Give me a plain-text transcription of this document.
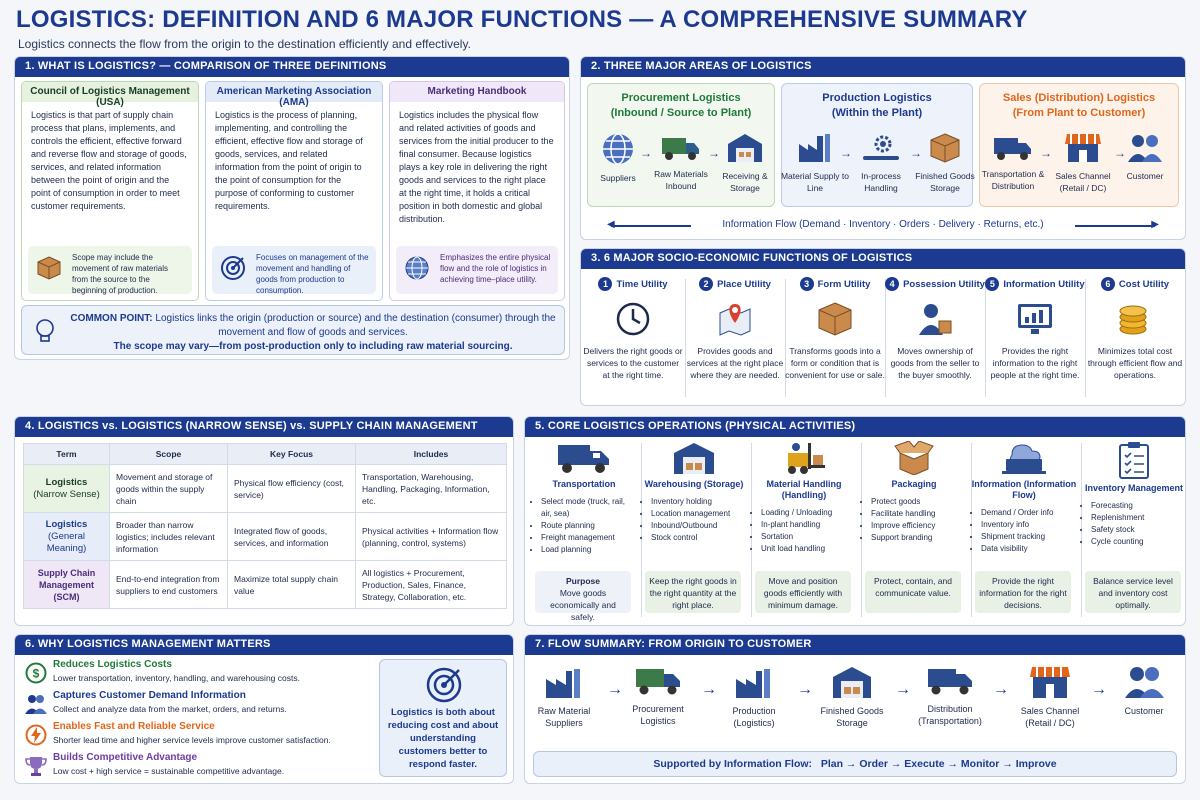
LOGISTICS: DEFINITION AND 6 MAJOR FUNCTIONS — A COMPREHENSIVE SUMMARY
Logistics connects the flow from the origin to the destination efficiently and effectively.
1. WHAT IS LOGISTICS? — COMPARISON OF THREE DEFINITIONS
Council of Logistics Management (USA)
Logistics is that part of supply chain process that plans, implements, and controls the efficient, effective forward and reverse flow and storage of goods, services, and related information between the point of origin and the point of consumption in order to meet customer requirements.
Scope may include the movement of raw materials from the source to the beginning of production.
American Marketing Association (AMA)
Logistics is the process of planning, implementing, and controlling the efficient, effective flow and storage of goods, services, and related information from the point of origin to the point of consumption for the purpose of conforming to customer requirements.
Focuses on management of the movement and handling of goods from production to consumption.
Marketing Handbook
Logistics includes the physical flow and related activities of goods and services from the initial producer to the final consumer. Because logistics plays a key role in delivering the right goods and services to the right place at the right time, it holds a critical position in both domestic and global distribution.
Emphasizes the entire physical flow and the role of logistics in achieving time–place utility.
COMMON POINT: Logistics links the origin (production or source) and the destination (consumer) through the movement and flow of goods and services.
The scope may vary—from post-production only to including raw material sourcing.
2. THREE MAJOR AREAS OF LOGISTICS
Procurement Logistics
(Inbound / Source to Plant)
Suppliers
→
Raw Materials Inbound
→
Receiving & Storage
Production Logistics
(Within the Plant)
Material Supply to Line
→
In-process Handling
→
Finished Goods Storage
Sales (Distribution) Logistics
(From Plant to Customer)
Transportation & Distribution
→
Sales Channel (Retail / DC)
→
Customer
◀	▶
Information Flow (Demand · Inventory · Orders · Delivery · Returns, etc.)
3. 6 MAJOR SOCIO-ECONOMIC FUNCTIONS OF LOGISTICS
1 Time Utility
Delivers the right goods or services to the customer at the right time.
2 Place Utility
Provides goods and services at the right place where they are needed.
3 Form Utility
Transforms goods into a form or condition that is convenient for use or sale.
4 Possession Utility
Moves ownership of goods from the seller to the buyer smoothly.
5 Information Utility
Provides the right information to the right people at the right time.
6 Cost Utility
Minimizes total cost through efficient flow and operations.
4. LOGISTICS vs. LOGISTICS (NARROW SENSE) vs. SUPPLY CHAIN MANAGEMENT
Term	Scope	Key Focus	Includes
Logistics
(Narrow Sense)	Movement and storage of goods within the supply chain	Physical flow efficiency (cost, service)	Transportation, Warehousing, Handling, Packaging, Information, etc.
Logistics
(General Meaning)	Broader than narrow logistics; includes relevant information	Integrated flow of goods, services, and information	Physical activities + Information flow (planning, control, systems)
Supply Chain
Management (SCM)	End-to-end integration from suppliers to end customers	Maximize total supply chain value	All logistics + Procurement, Production, Sales, Finance, Strategy, Collaboration, etc.
5. CORE LOGISTICS OPERATIONS (PHYSICAL ACTIVITIES)
Transportation
• Select mode (truck, rail, air, sea)
• Route planning
• Freight management
• Load planning
Purpose
Move goods economically and safely.
Warehousing (Storage)
• Inventory holding
• Location management
• Inbound/Outbound
• Stock control
Keep the right goods in the right quantity at the right place.
Material Handling (Handling)
• Loading / Unloading
• In-plant handling
• Sortation
• Unit load handling
Move and position goods efficiently with minimum damage.
Packaging
• Protect goods
• Facilitate handling
• Improve efficiency
• Support branding
Protect, contain, and communicate value.
Information (Information Flow)
• Demand / Order info
• Inventory info
• Shipment tracking
• Data visibility
Provide the right information for the right decisions.
Inventory Management
• Forecasting
• Replenishment
• Safety stock
• Cycle counting
Balance service level and inventory cost optimally.
6. WHY LOGISTICS MANAGEMENT MATTERS
$
Reduces Logistics Costs
Lower transportation, inventory, handling, and warehousing costs.
Captures Customer Demand Information
Collect and analyze data from the market, orders, and returns.
Enables Fast and Reliable Service
Shorter lead time and higher service levels improve customer satisfaction.
Builds Competitive Advantage
Low cost + high service = sustainable competitive advantage.
Logistics is both about reducing cost and about understanding customers better to respond faster.
7. FLOW SUMMARY: FROM ORIGIN TO CUSTOMER
Raw Material Suppliers
→
Procurement Logistics
→
Production (Logistics)
→
Finished Goods Storage
→
Distribution (Transportation)
→
Sales Channel (Retail / DC)
→
Customer
Supported by Information Flow: Plan → Order → Execute → Monitor → Improve
